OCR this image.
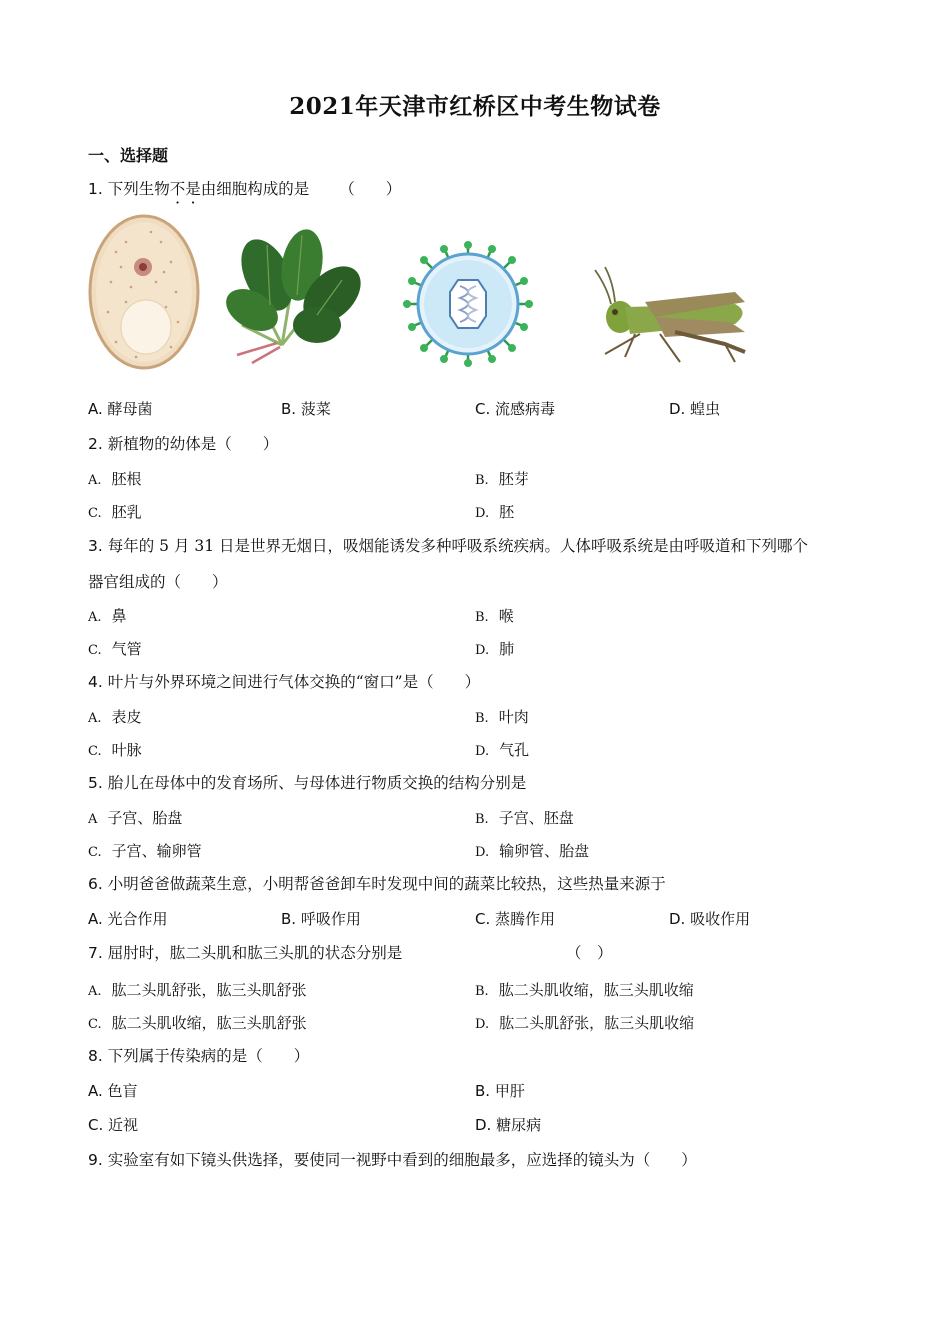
2021年天津市红桥区中考生物试卷
一、选择题
1. 下列生物不是由细胞构成的是 （　　）
A. 酵母菌	B. 菠菜	C. 流感病毒	D. 蝗虫
2. 新植物的幼体是（　　）
A. 胚根	B. 胚芽
C. 胚乳	D. 胚
3. 每年的 5 月 31 日是世界无烟日，吸烟能诱发多种呼吸系统疾病。人体呼吸系统是由呼吸道和下列哪个
器官组成的（　　）
A. 鼻	B. 喉
C. 气管	D. 肺
4. 叶片与外界环境之间进行气体交换的“窗口”是（　　）
A. 表皮	B. 叶肉
C. 叶脉	D. 气孔
5. 胎儿在母体中的发育场所、与母体进行物质交换的结构分别是
A 子宫、胎盘	B. 子宫、胚盘
C. 子宫、输卵管	D. 输卵管、胎盘
6. 小明爸爸做蔬菜生意，小明帮爸爸卸车时发现中间的蔬菜比较热，这些热量来源于
A. 光合作用	B. 呼吸作用	C. 蒸腾作用	D. 吸收作用
7. 屈肘时，肱二头肌和肱三头肌的状态分别是	（　）
A. 肱二头肌舒张，肱三头肌舒张	B. 肱二头肌收缩，肱三头肌收缩
C. 肱二头肌收缩，肱三头肌舒张	D. 肱二头肌舒张，肱三头肌收缩
8. 下列属于传染病的是（　　）
A. 色盲	B. 甲肝
C. 近视	D. 糖尿病
9. 实验室有如下镜头供选择，要使同一视野中看到的细胞最多，应选择的镜头为（　　）
